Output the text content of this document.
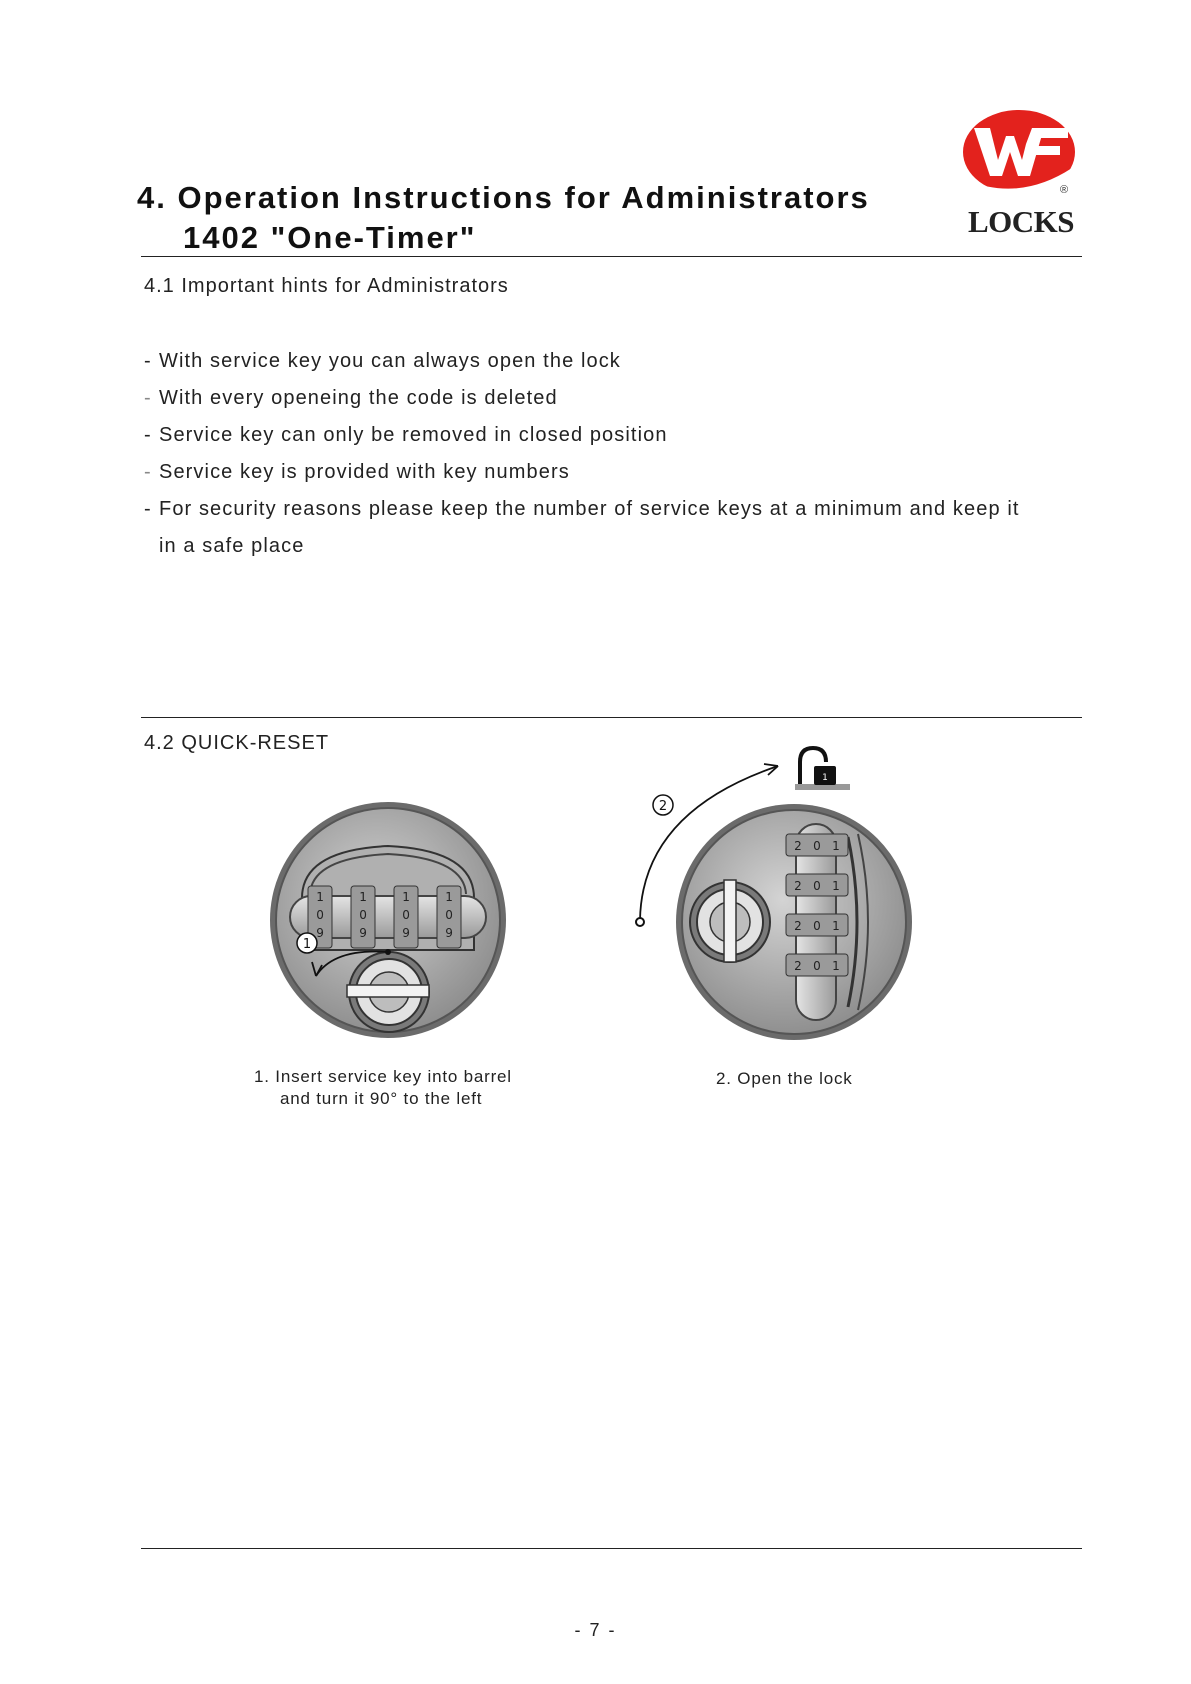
®
LOCKS
4. Operation Instructions for Administrators
1402 "One-Timer"
4.1 Important hints for Administrators
- With service key you can always open the lock
- With every openeing the code is deleted
- Service key can only be removed in closed position
- Service key is provided with key numbers
- For security reasons please keep the number of service keys at a minimum and keep it
in a safe place
4.2 QUICK-RESET
1
0
9
1
0
9
1
0
9
1
0
9
1
1
2
2 0 1
2 0 1
2 0 1
2 0 1
1. Insert service key into barrel
and turn it 90° to the left
2. Open the lock
- 7 -
